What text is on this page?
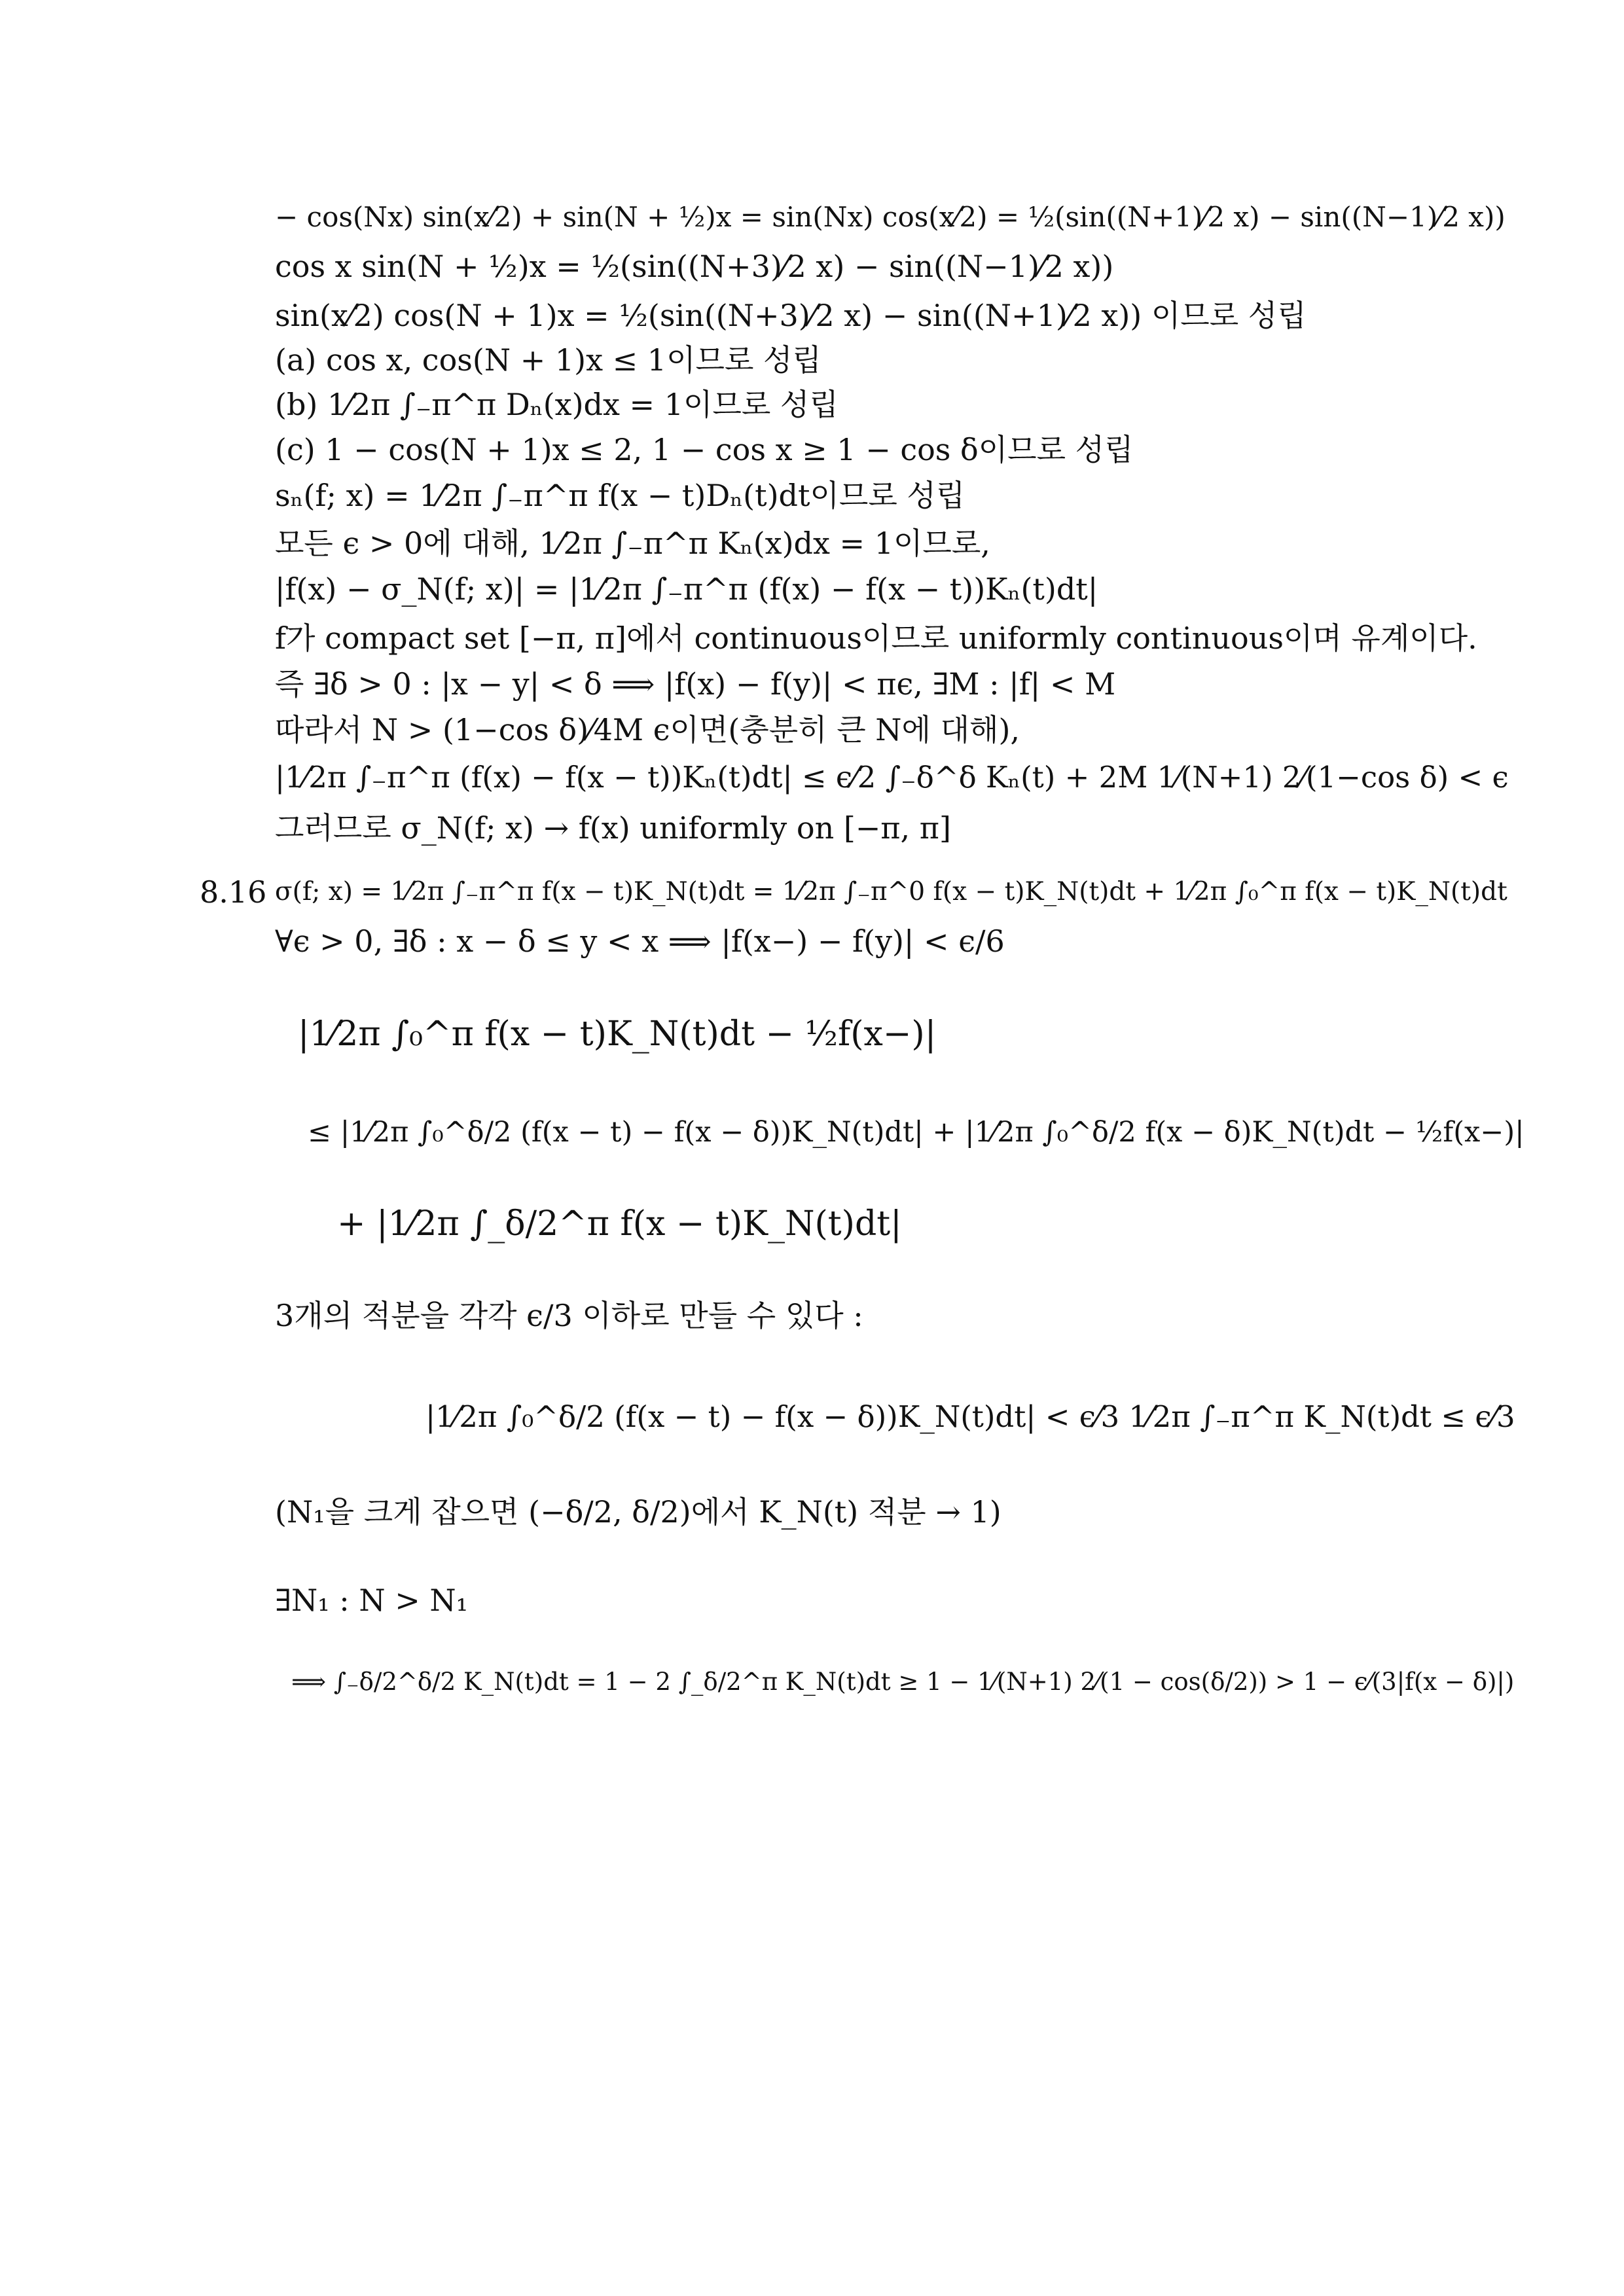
− cos(Nx) sin(x⁄2) + sin(N + ½)x = sin(Nx) cos(x⁄2) = ½(sin((N+1)⁄2 x) − sin((N−1)⁄2 x))
cos x sin(N + ½)x = ½(sin((N+3)⁄2 x) − sin((N−1)⁄2 x))
sin(x⁄2) cos(N + 1)x = ½(sin((N+3)⁄2 x) − sin((N+1)⁄2 x)) 이므로 성립
(a) cos x, cos(N + 1)x ≤ 1이므로 성립
(b) 1⁄2π ∫₋π^π Dₙ(x)dx = 1이므로 성립
(c) 1 − cos(N + 1)x ≤ 2, 1 − cos x ≥ 1 − cos δ이므로 성립
sₙ(f; x) = 1⁄2π ∫₋π^π f(x − t)Dₙ(t)dt이므로 성립
모든 ϵ > 0에 대해, 1⁄2π ∫₋π^π Kₙ(x)dx = 1이므로,
|f(x) − σ_N(f; x)| = |1⁄2π ∫₋π^π (f(x) − f(x − t))Kₙ(t)dt|
f가 compact set [−π, π]에서 continuous이므로 uniformly continuous이며 유계이다.
즉 ∃δ > 0 : |x − y| < δ ⟹ |f(x) − f(y)| < πϵ, ∃M : |f| < M
따라서 N > (1−cos δ)⁄4M ϵ이면(충분히 큰 N에 대해),
|1⁄2π ∫₋π^π (f(x) − f(x − t))Kₙ(t)dt| ≤ ϵ⁄2 ∫₋δ^δ Kₙ(t) + 2M 1⁄(N+1) 2⁄(1−cos δ) < ϵ
그러므로 σ_N(f; x) → f(x) uniformly on [−π, π]
8.16 σ(f; x) = 1⁄2π ∫₋π^π f(x − t)K_N(t)dt = 1⁄2π ∫₋π^0 f(x − t)K_N(t)dt + 1⁄2π ∫₀^π f(x − t)K_N(t)dt
∀ϵ > 0, ∃δ : x − δ ≤ y < x ⟹ |f(x−) − f(y)| < ϵ/6
|1⁄2π ∫₀^π f(x − t)K_N(t)dt − ½f(x−)|
≤ |1⁄2π ∫₀^δ/2 (f(x − t) − f(x − δ))K_N(t)dt| + |1⁄2π ∫₀^δ/2 f(x − δ)K_N(t)dt − ½f(x−)|
+ |1⁄2π ∫_δ/2^π f(x − t)K_N(t)dt|
3개의 적분을 각각 ϵ/3 이하로 만들 수 있다 :
|1⁄2π ∫₀^δ/2 (f(x − t) − f(x − δ))K_N(t)dt| < ϵ⁄3 1⁄2π ∫₋π^π K_N(t)dt ≤ ϵ⁄3
(N₁을 크게 잡으면 (−δ/2, δ/2)에서 K_N(t) 적분 → 1)
∃N₁ : N > N₁
⟹ ∫₋δ/2^δ/2 K_N(t)dt = 1 − 2 ∫_δ/2^π K_N(t)dt ≥ 1 − 1⁄(N+1) 2⁄(1 − cos(δ/2)) > 1 − ϵ⁄(3|f(x − δ)|)
